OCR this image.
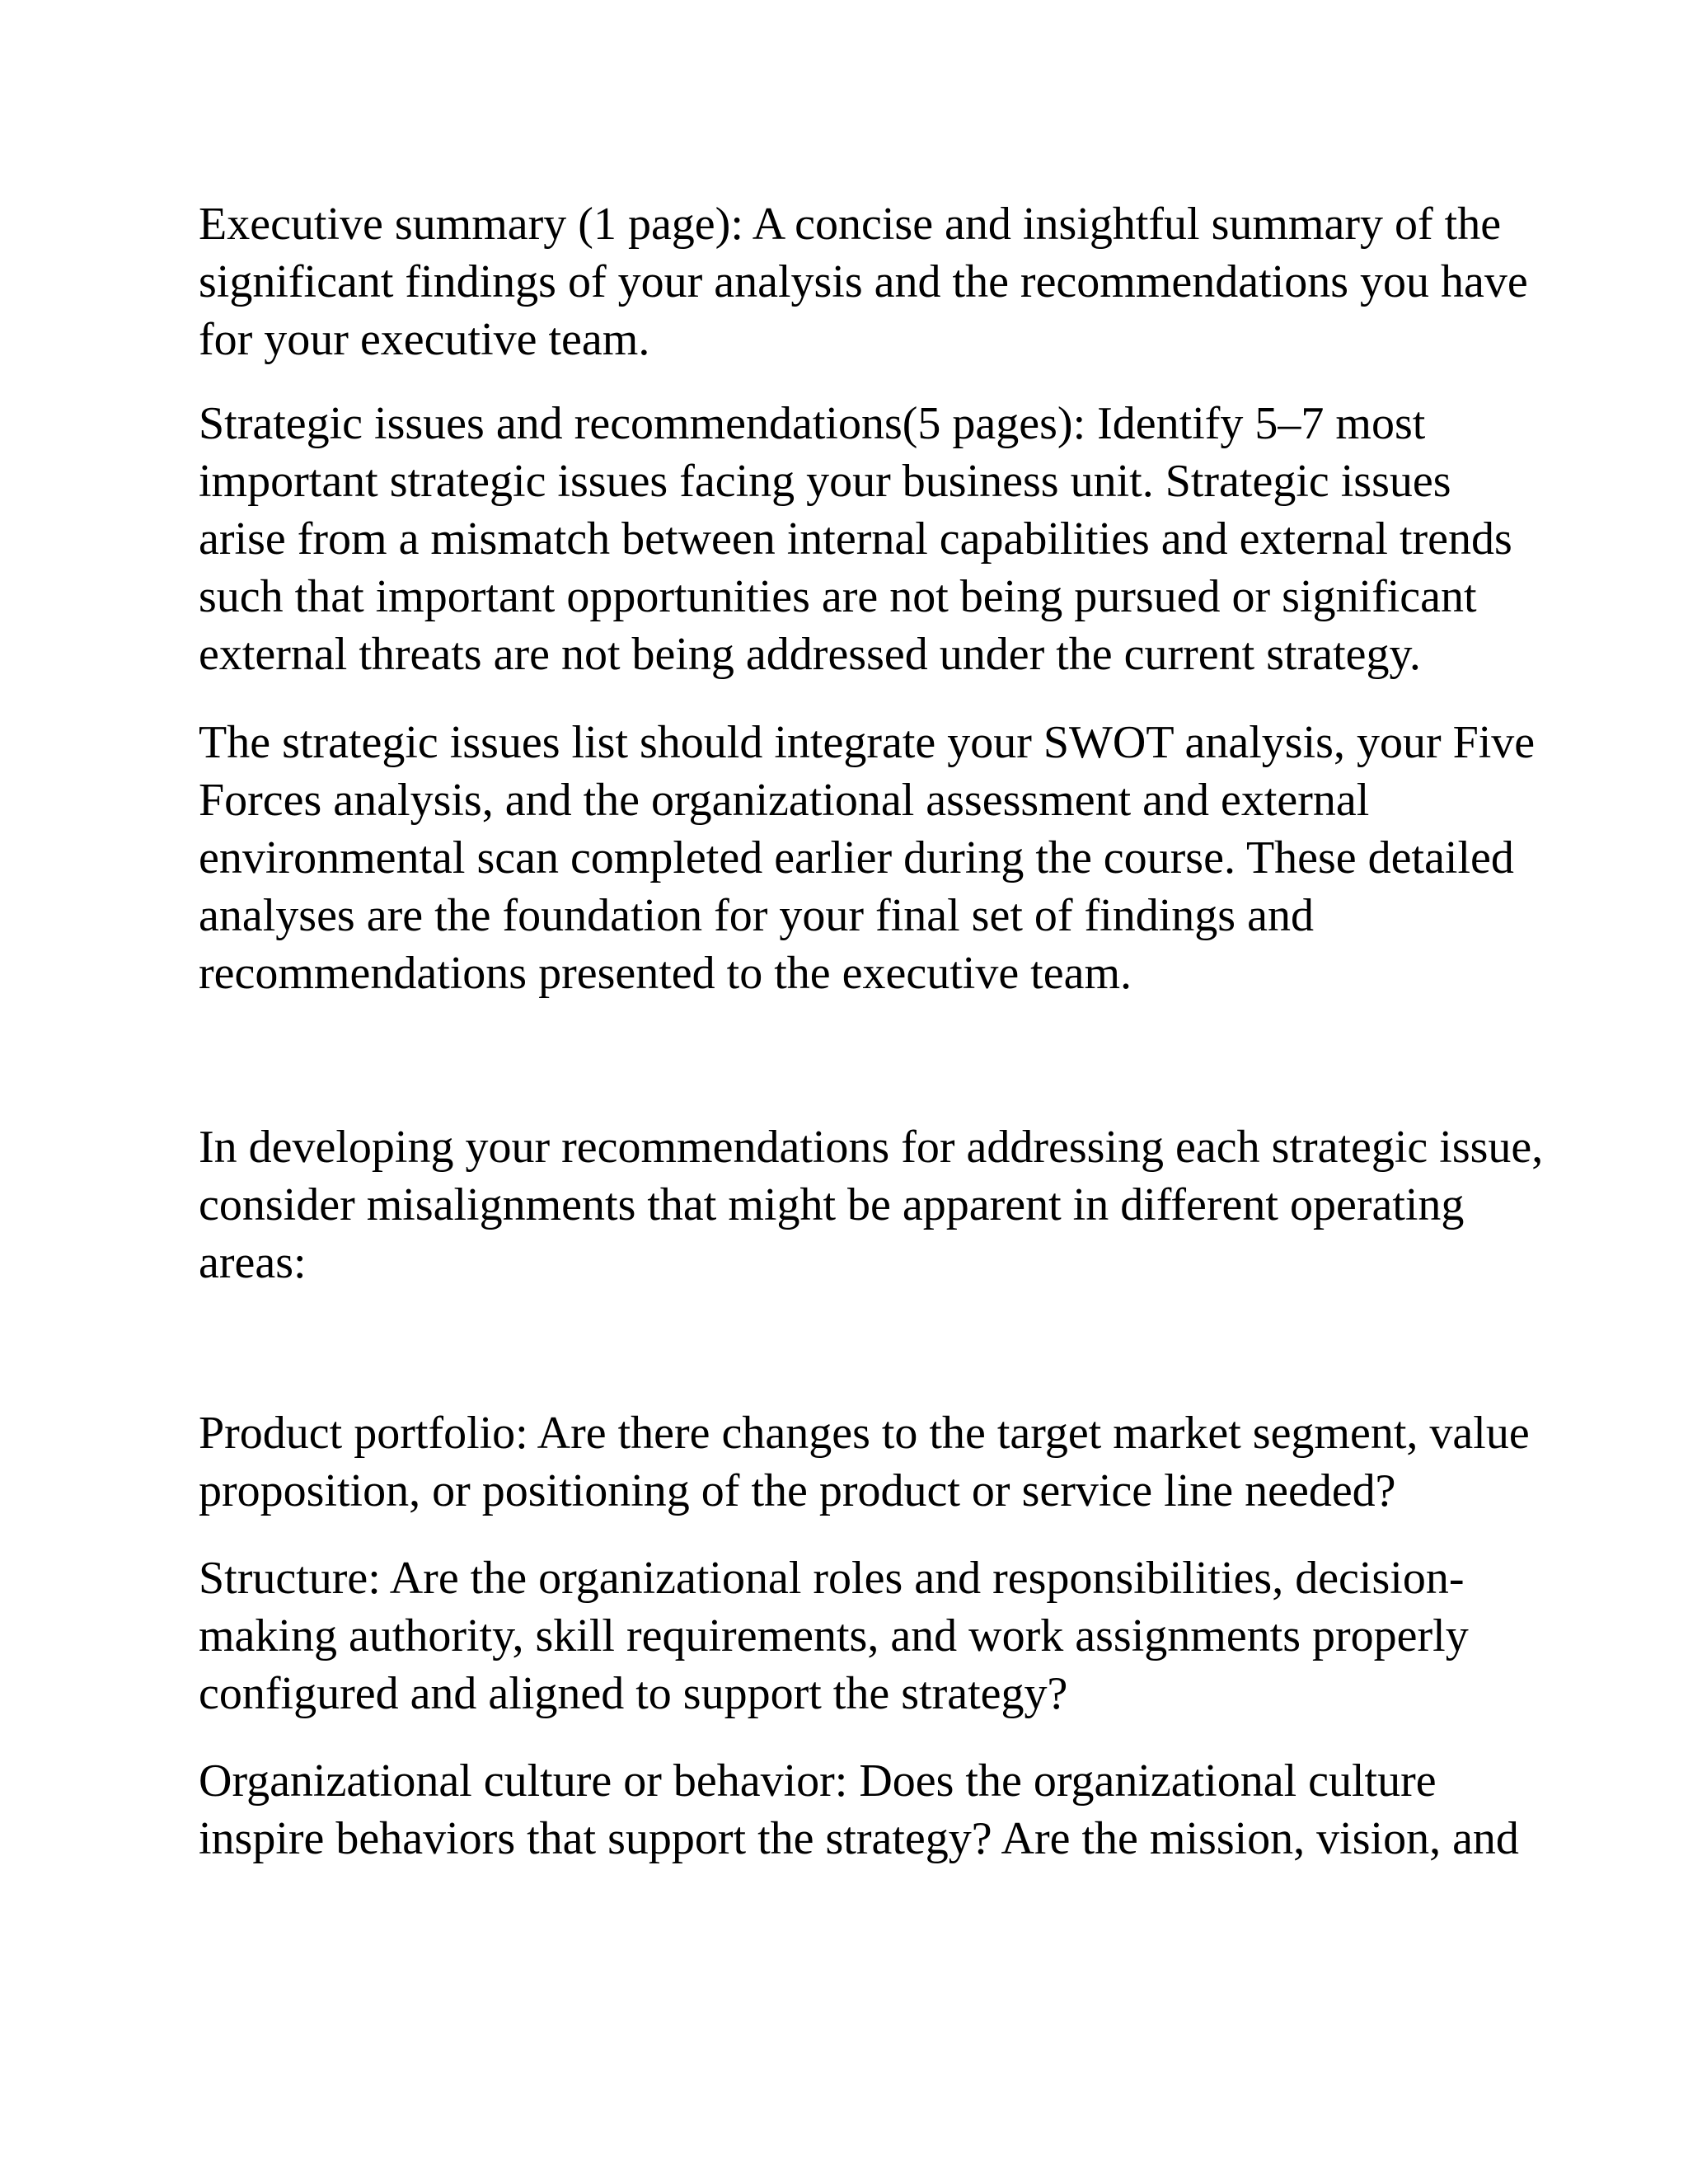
Executive summary (1 page): A concise and insightful summary of the
significant findings of your analysis and the recommendations you have
for your executive team.

Strategic issues and recommendations(5 pages): Identify 5–7 most
important strategic issues facing your business unit. Strategic issues
arise from a mismatch between internal capabilities and external trends
such that important opportunities are not being pursued or significant
external threats are not being addressed under the current strategy.

The strategic issues list should integrate your SWOT analysis, your Five
Forces analysis, and the organizational assessment and external
environmental scan completed earlier during the course. These detailed
analyses are the foundation for your final set of findings and
recommendations presented to the executive team.

In developing your recommendations for addressing each strategic issue,
consider misalignments that might be apparent in different operating
areas:

Product portfolio: Are there changes to the target market segment, value
proposition, or positioning of the product or service line needed?

Structure: Are the organizational roles and responsibilities, decision-
making authority, skill requirements, and work assignments properly
configured and aligned to support the strategy?

Organizational culture or behavior: Does the organizational culture
inspire behaviors that support the strategy? Are the mission, vision, and
